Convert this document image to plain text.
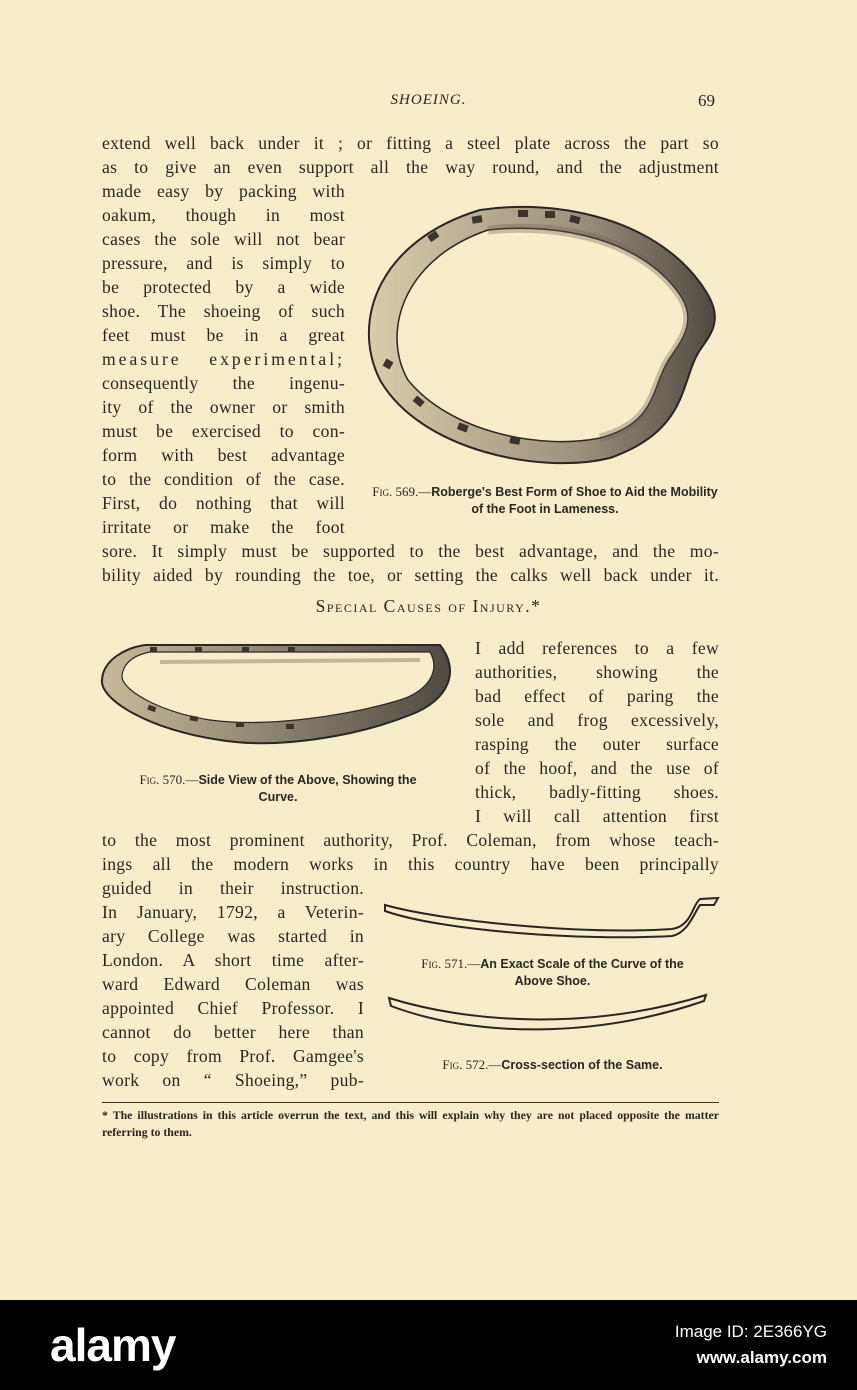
SHOEING.	69
extend well back under it ; or fitting a steel plate across the part so
as to give an even support all the way round, and the adjustment
made easy by packing with
oakum, though in most
cases the sole will not bear
pressure, and is simply to
be protected by a wide
shoe. The shoeing of such
feet must be in a great
measure experimental;
consequently the ingenu-
ity of the owner or smith
must be exercised to con-
form with best advantage
to the condition of the case.
First, do nothing that will
irritate or make the foot
sore. It simply must be supported to the best advantage, and the mo-
bility aided by rounding the toe, or setting the calks well back under it.
Fig. 569.—Roberge's Best Form of Shoe to Aid the Mobility of the Foot in Lameness.
Special Causes of Injury.*
Fig. 570.—Side View of the Above, Showing the Curve.
I add references to a few
authorities, showing the
bad effect of paring the
sole and frog excessively,
rasping the outer surface
of the hoof, and the use of
thick, badly-fitting shoes.
I will call attention first
to the most prominent authority, Prof. Coleman, from whose teach-
ings all the modern works in this country have been principally
guided in their instruction.
In January, 1792, a Veterin-
ary College was started in
London. A short time after-
ward Edward Coleman was
appointed Chief Professor. I
cannot do better here than
to copy from Prof. Gamgee's
work on “ Shoeing,” pub-
Fig. 571.—An Exact Scale of the Curve of the Above Shoe.
Fig. 572.—Cross-section of the Same.
* The illustrations in this article overrun the text, and this will explain why they are not placed opposite the matter referring to them.
alamy	Image ID: 2E366YG
www.alamy.com
